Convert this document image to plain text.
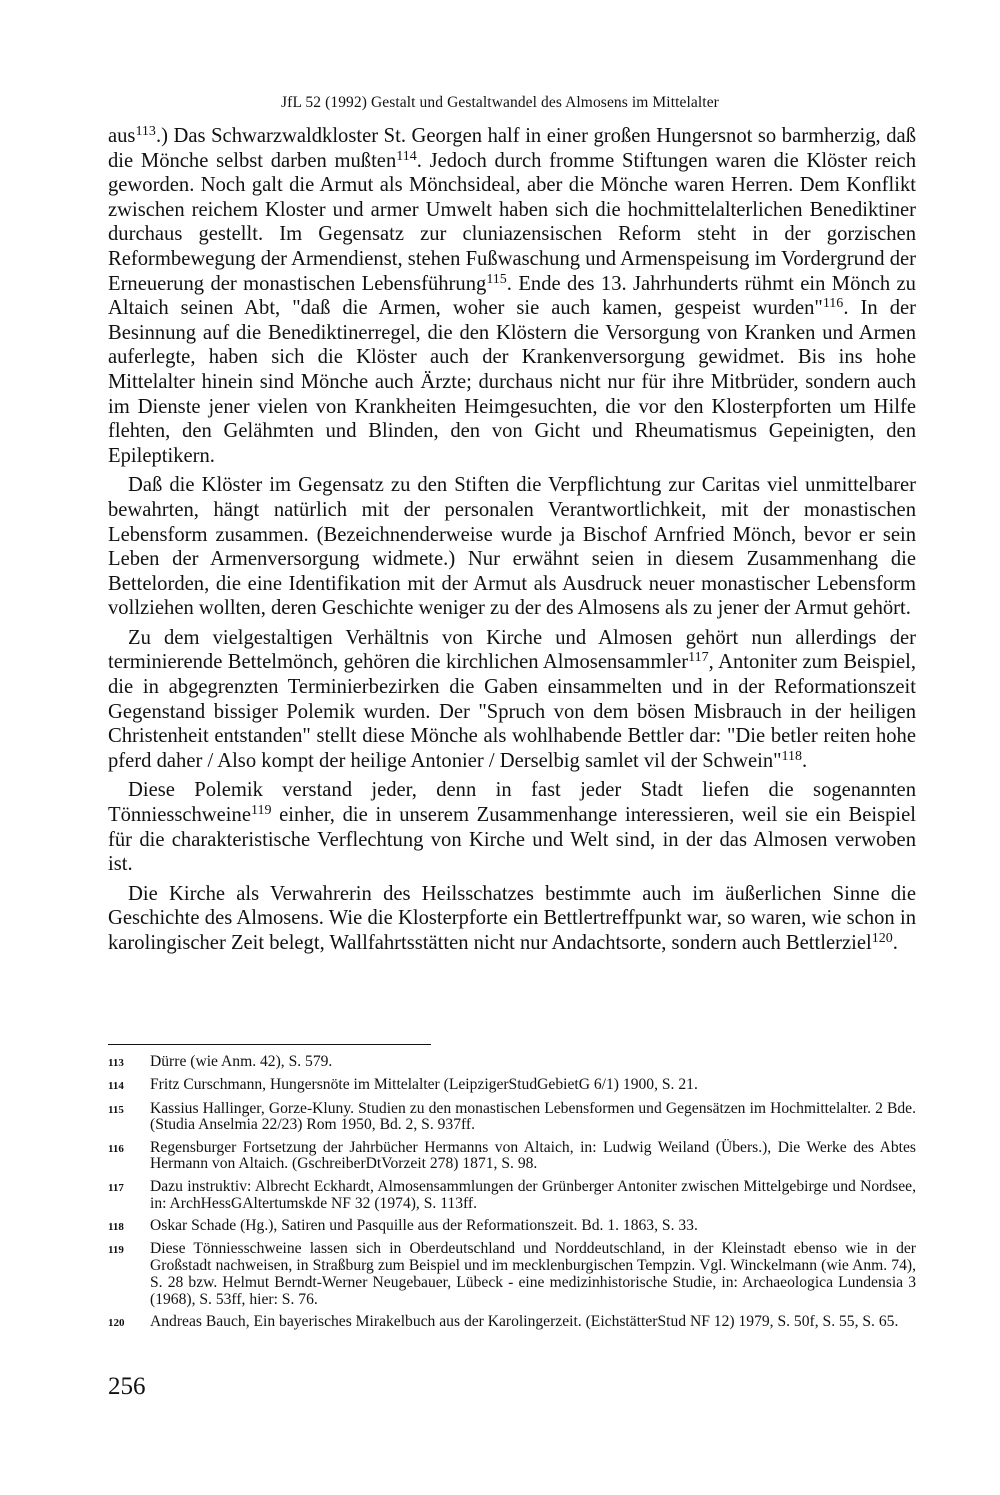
JfL 52 (1992) Gestalt und Gestaltwandel des Almosens im Mittelalter

aus$^{113}$.) Das Schwarzwaldkloster St. Georgen half in einer großen Hungersnot so barmherzig, daß die Mönche selbst darben mußten$^{114}$. Jedoch durch fromme Stiftungen waren die Klöster reich geworden. Noch galt die Armut als Mönchsideal, aber die Mönche waren Herren. Dem Konflikt zwischen reichem Kloster und armer Umwelt haben sich die hochmittelalterlichen Benediktiner durchaus gestellt. Im Gegensatz zur cluniazensischen Reform steht in der gorzischen Reformbewegung der Armendienst, stehen Fußwaschung und Armenspeisung im Vordergrund der Erneuerung der monastischen Lebensführung$^{115}$. Ende des 13. Jahrhunderts rühmt ein Mönch zu Altaich seinen Abt, "daß die Armen, woher sie auch kamen, gespeist wurden"$^{116}$. In der Besinnung auf die Benediktinerregel, die den Klöstern die Versorgung von Kranken und Armen auferlegte, haben sich die Klöster auch der Krankenversorgung gewidmet. Bis ins hohe Mittelalter hinein sind Mönche auch Ärzte; durchaus nicht nur für ihre Mitbrüder, sondern auch im Dienste jener vielen von Krankheiten Heimgesuchten, die vor den Klosterpforten um Hilfe flehten, den Gelähmten und Blinden, den von Gicht und Rheumatismus Gepeinigten, den Epileptikern.

Daß die Klöster im Gegensatz zu den Stiften die Verpflichtung zur Caritas viel unmittelbarer bewahrten, hängt natürlich mit der personalen Verantwortlichkeit, mit der monastischen Lebensform zusammen. (Bezeichnenderweise wurde ja Bischof Arnfried Mönch, bevor er sein Leben der Armenversorgung widmete.) Nur erwähnt seien in diesem Zusammenhang die Bettelorden, die eine Identifikation mit der Armut als Ausdruck neuer monastischer Lebensform vollziehen wollten, deren Geschichte weniger zu der des Almosens als zu jener der Armut gehört.

Zu dem vielgestaltigen Verhältnis von Kirche und Almosen gehört nun allerdings der terminierende Bettelmönch, gehören die kirchlichen Almosensammler$^{117}$, Antoniter zum Beispiel, die in abgegrenzten Terminierbezirken die Gaben einsammelten und in der Reformationszeit Gegenstand bissiger Polemik wurden. Der "Spruch von dem bösen Misbrauch in der heiligen Christenheit entstanden" stellt diese Mönche als wohlhabende Bettler dar: "Die betler reiten hohe pferd daher / Also kompt der heilige Antonier / Derselbig samlet vil der Schwein"$^{118}$.

Diese Polemik verstand jeder, denn in fast jeder Stadt liefen die sogenannten Tönniesschweine$^{119}$ einher, die in unserem Zusammenhange interessieren, weil sie ein Beispiel für die charakteristische Verflechtung von Kirche und Welt sind, in der das Almosen verwoben ist.

Die Kirche als Verwahrerin des Heilsschatzes bestimmte auch im äußerlichen Sinne die Geschichte des Almosens. Wie die Klosterpforte ein Bettlertreffpunkt war, so waren, wie schon in karolingischer Zeit belegt, Wallfahrtsstätten nicht nur Andachtsorte, sondern auch Bettlerziel$^{120}$.

113	Dürre (wie Anm. 42), S. 579.
114	Fritz Curschmann, Hungersnöte im Mittelalter (LeipzigerStudGebietG 6/1) 1900, S. 21.
115	Kassius Hallinger, Gorze-Kluny. Studien zu den monastischen Lebensformen und Gegensätzen im Hochmittelalter. 2 Bde. (Studia Anselmia 22/23) Rom 1950, Bd. 2, S. 937ff.
116	Regensburger Fortsetzung der Jahrbücher Hermanns von Altaich, in: Ludwig Weiland (Übers.), Die Werke des Abtes Hermann von Altaich. (GschreiberDtVorzeit 278) 1871, S. 98.
117	Dazu instruktiv: Albrecht Eckhardt, Almosensammlungen der Grünberger Antoniter zwischen Mittelgebirge und Nordsee, in: ArchHessGAltertumskde NF 32 (1974), S. 113ff.
118	Oskar Schade (Hg.), Satiren und Pasquille aus der Reformationszeit. Bd. 1. 1863, S. 33.
119	Diese Tönniesschweine lassen sich in Oberdeutschland und Norddeutschland, in der Kleinstadt ebenso wie in der Großstadt nachweisen, in Straßburg zum Beispiel und im mecklenburgischen Tempzin. Vgl. Winckelmann (wie Anm. 74), S. 28 bzw. Helmut Berndt-Werner Neugebauer, Lübeck - eine medizinhistorische Studie, in: Archaeologica Lundensia 3 (1968), S. 53ff, hier: S. 76.
120	Andreas Bauch, Ein bayerisches Mirakelbuch aus der Karolingerzeit. (EichstätterStud NF 12) 1979, S. 50f, S. 55, S. 65.
256
